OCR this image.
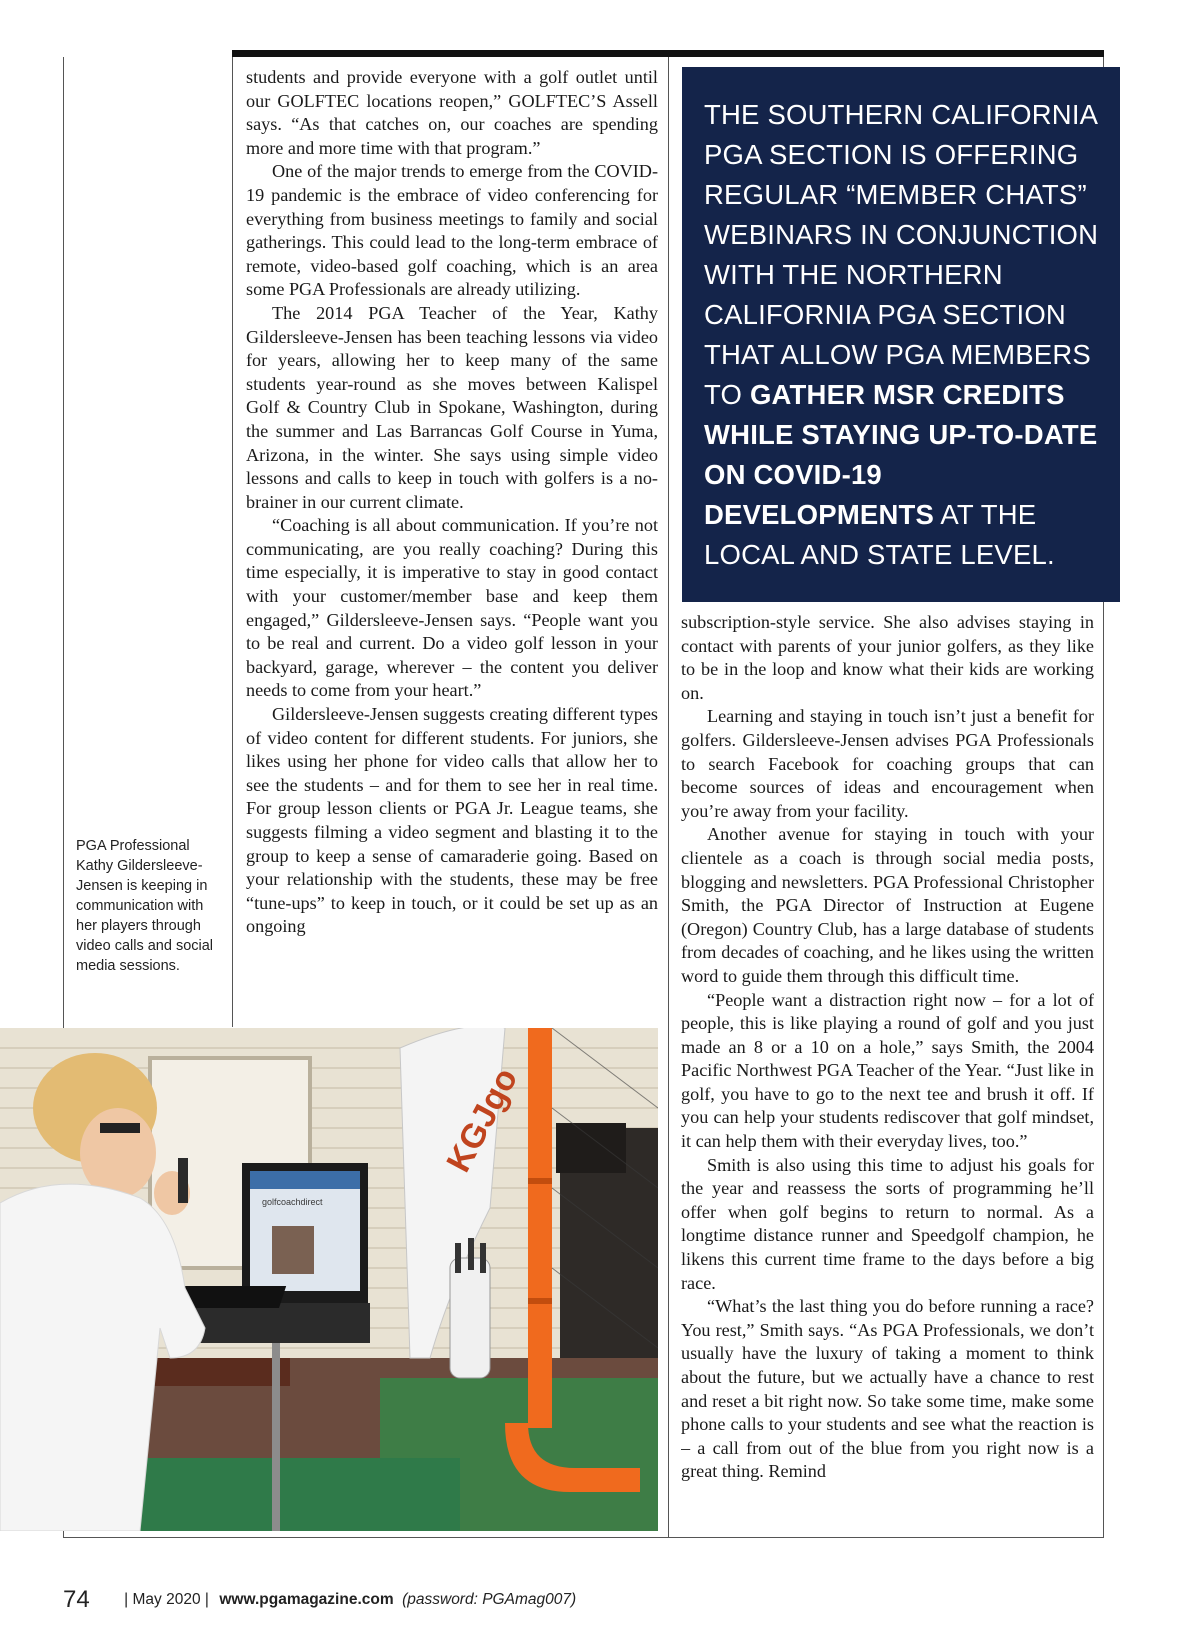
students and provide everyone with a golf outlet until our GOLFTEC locations reopen,” GOLFTEC’S Assell says. “As that catches on, our coaches are spending more and more time with that program.”

One of the major trends to emerge from the COVID-19 pandemic is the embrace of video conferencing for everything from business meetings to family and social gatherings. This could lead to the long-term embrace of remote, video-based golf coaching, which is an area some PGA Professionals are already utilizing.

The 2014 PGA Teacher of the Year, Kathy Gildersleeve-Jensen has been teaching lessons via video for years, allowing her to keep many of the same students year-round as she moves between Kalispel Golf & Country Club in Spokane, Washington, during the summer and Las Barrancas Golf Course in Yuma, Arizona, in the winter. She says using simple video lessons and calls to keep in touch with golfers is a no-brainer in our current climate.

“Coaching is all about communication. If you’re not communicating, are you really coaching? During this time especially, it is imperative to stay in good contact with your customer/member base and keep them engaged,” Gildersleeve-Jensen says. “People want you to be real and current. Do a video golf lesson in your backyard, garage, wherever – the content you deliver needs to come from your heart.”

Gildersleeve-Jensen suggests creating different types of video content for different students. For juniors, she likes using her phone for video calls that allow her to see the students – and for them to see her in real time. For group lesson clients or PGA Jr. League teams, she suggests filming a video segment and blasting it to the group to keep a sense of camaraderie going. Based on your relationship with the students, these may be free “tune-ups” to keep in touch, or it could be set up as an ongoing

THE SOUTHERN CALIFORNIA PGA SECTION IS OFFERING REGULAR “MEMBER CHATS” WEBINARS IN CONJUNCTION WITH THE NORTHERN CALIFORNIA PGA SECTION THAT ALLOW PGA MEMBERS TO GATHER MSR CREDITS WHILE STAYING UP-TO-DATE ON COVID-19 DEVELOPMENTS AT THE LOCAL AND STATE LEVEL.

subscription-style service. She also advises staying in contact with parents of your junior golfers, as they like to be in the loop and know what their kids are working on.

Learning and staying in touch isn’t just a benefit for golfers. Gildersleeve-Jensen advises PGA Professionals to search Facebook for coaching groups that can become sources of ideas and encouragement when you’re away from your facility.

Another avenue for staying in touch with your clientele as a coach is through social media posts, blogging and newsletters. PGA Professional Christopher Smith, the PGA Director of Instruction at Eugene (Oregon) Country Club, has a large database of students from decades of coaching, and he likes using the written word to guide them through this difficult time.

“People want a distraction right now – for a lot of people, this is like playing a round of golf and you just made an 8 or a 10 on a hole,” says Smith, the 2004 Pacific Northwest PGA Teacher of the Year. “Just like in golf, you have to go to the next tee and brush it off. If you can help your students rediscover that golf mindset, it can help them with their everyday lives, too.”

Smith is also using this time to adjust his goals for the year and reassess the sorts of programming he’ll offer when golf begins to return to normal. As a longtime distance runner and Speedgolf champion, he likens this current time frame to the days before a big race.

“What’s the last thing you do before running a race? You rest,” Smith says. “As PGA Professionals, we don’t usually have the luxury of taking a moment to think about the future, but we actually have a chance to rest and reset a bit right now. So take some time, make some phone calls to your students and see what the reaction is – a call from out of the blue from you right now is a great thing. Remind

PGA Professional Kathy Gildersleeve-Jensen is keeping in communication with her players through video calls and social media sessions.
KGJgo
golfcoachdirect
74 | May 2020 | www.pgamagazine.com (password: PGAmag007)
